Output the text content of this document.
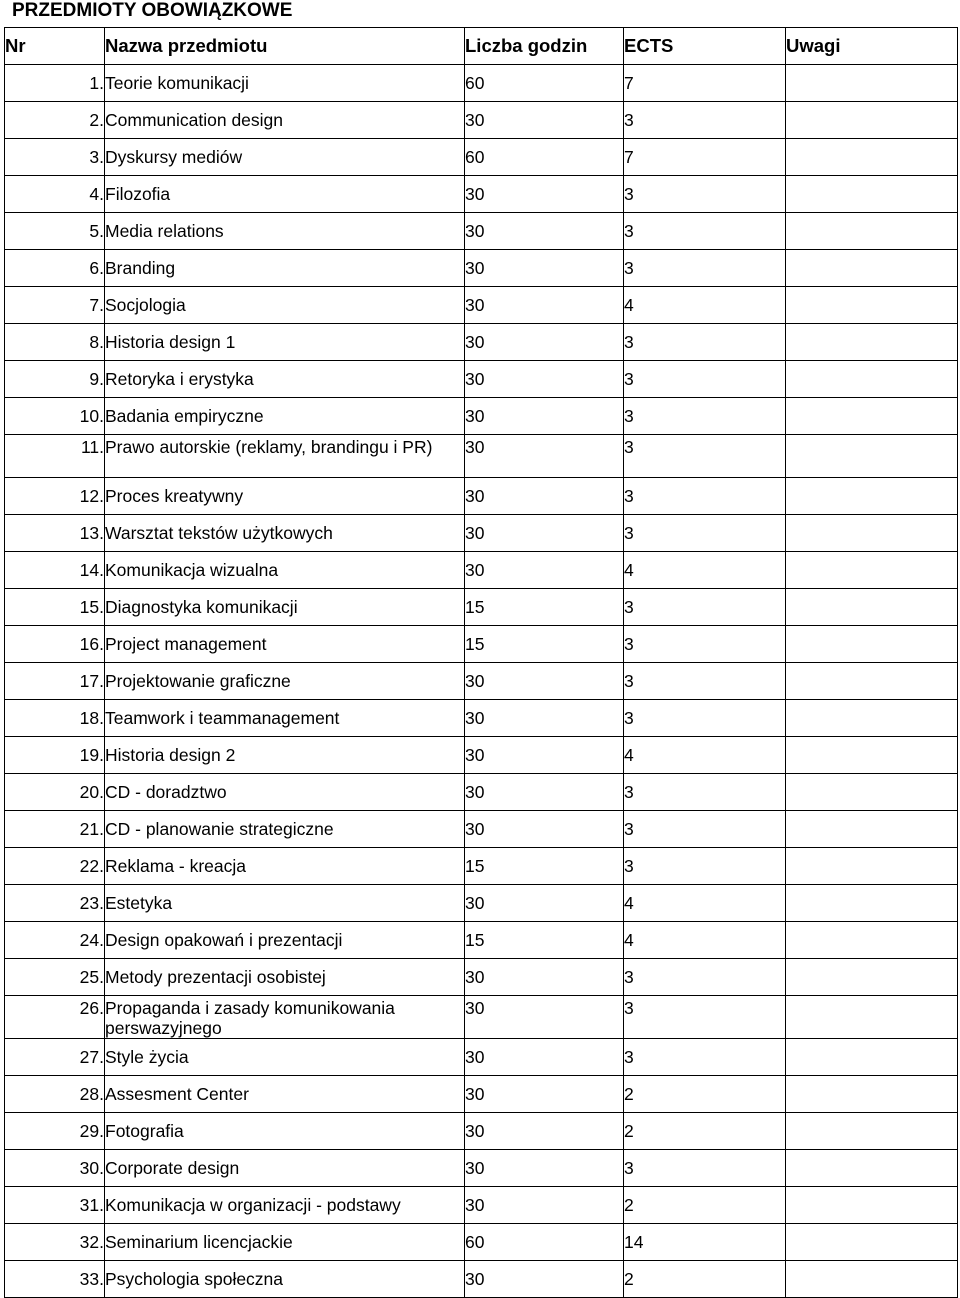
PRZEDMIOTY OBOWIĄZKOWE
Nr	Nazwa przedmiotu	Liczba godzin	ECTS	Uwagi
1.	Teorie komunikacji	60	7	
2.	Communication design	30	3	
3.	Dyskursy mediów	60	7	
4.	Filozofia	30	3	
5.	Media relations	30	3	
6.	Branding	30	3	
7.	Socjologia	30	4	
8.	Historia design 1	30	3	
9.	Retoryka i erystyka	30	3	
10.	Badania empiryczne	30	3	
11.	Prawo autorskie (reklamy, brandingu i PR)	30	3	
12.	Proces kreatywny	30	3	
13.	Warsztat tekstów użytkowych	30	3	
14.	Komunikacja wizualna	30	4	
15.	Diagnostyka komunikacji	15	3	
16.	Project management	15	3	
17.	Projektowanie graficzne	30	3	
18.	Teamwork i teammanagement	30	3	
19.	Historia design 2	30	4	
20.	CD - doradztwo	30	3	
21.	CD - planowanie strategiczne	30	3	
22.	Reklama - kreacja	15	3	
23.	Estetyka	30	4	
24.	Design opakowań i prezentacji	15	4	
25.	Metody prezentacji osobistej	30	3	
26.	Propaganda i zasady komunikowania perswazyjnego	30	3	
27.	Style życia	30	3	
28.	Assesment Center	30	2	
29.	Fotografia	30	2	
30.	Corporate design	30	3	
31.	Komunikacja w organizacji - podstawy	30	2	
32.	Seminarium licencjackie	60	14	
33.	Psychologia społeczna	30	2	
